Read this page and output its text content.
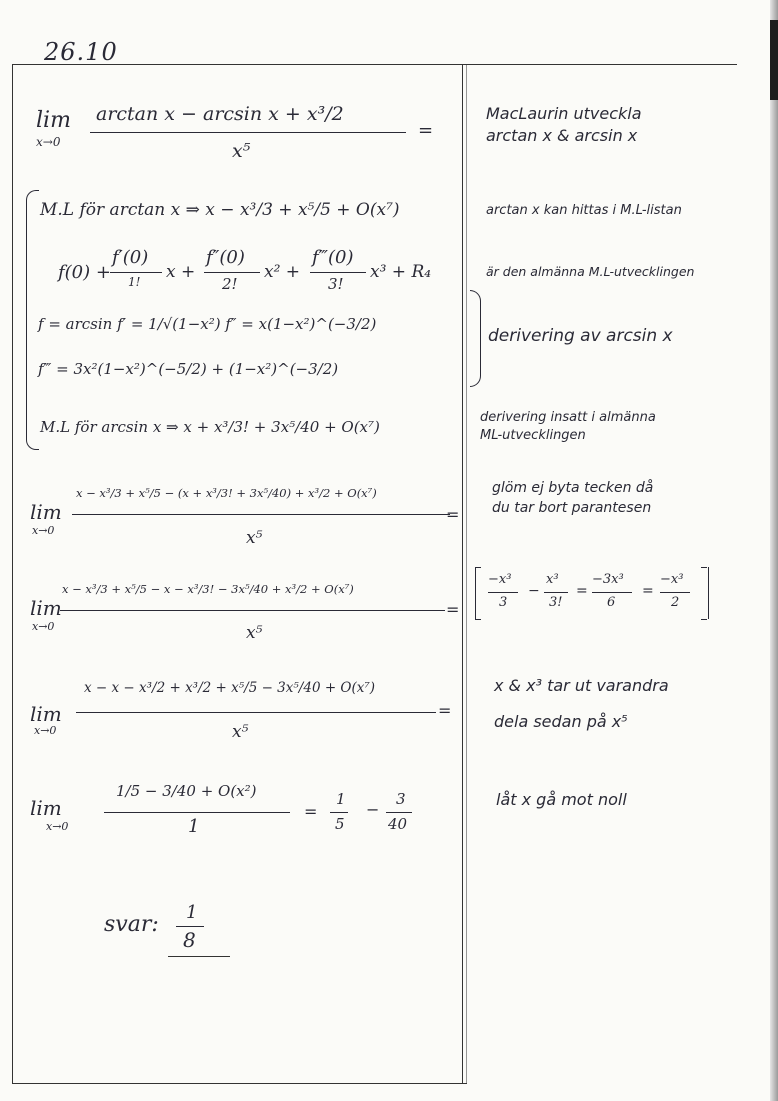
26.10
lim
x→0
arctan x − arcsin x + x³/2
x⁵
=
M.L för arctan x ⇒ x − x³/3 + x⁵/5 + O(x⁷)
f(0) +
f′(0)
1! x +
f″(0)
2!
x² +
f‴(0)
3!
x³ + R₄
f = arcsin f′ = 1/√(1−x²) f″ = x(1−x²)^(−3/2)
f‴ = 3x²(1−x²)^(−5/2) + (1−x²)^(−3/2)
M.L för arcsin x ⇒ x + x³/3! + 3x⁵/40 + O(x⁷)
lim
x→0
x − x³/3 + x⁵/5 − (x + x³/3! + 3x⁵/40) + x³/2 + O(x⁷)
x⁵
=
lim
x→0
x − x³/3 + x⁵/5 − x − x³/3! − 3x⁵/40 + x³/2 + O(x⁷)
x⁵
=
lim
x→0
x − x − x³/2 + x³/2 + x⁵/5 − 3x⁵/40 + O(x⁷)
x⁵
=
lim
x→0
1/5 − 3/40 + O(x²)
1
=
1
5
−
3
40
svar: 1
8
MacLaurin utveckla
arctan x & arcsin x
arctan x kan hittas i M.L-listan
är den almänna M.L-utvecklingen
derivering av arcsin x
derivering insatt i almänna
ML-utvecklingen
glöm ej byta tecken då
du tar bort parantesen
−x³
3
−
x³
3!
=
−3x³
6
=
−x³
2
x & x³ tar ut varandra
dela sedan på x⁵
låt x gå mot noll
